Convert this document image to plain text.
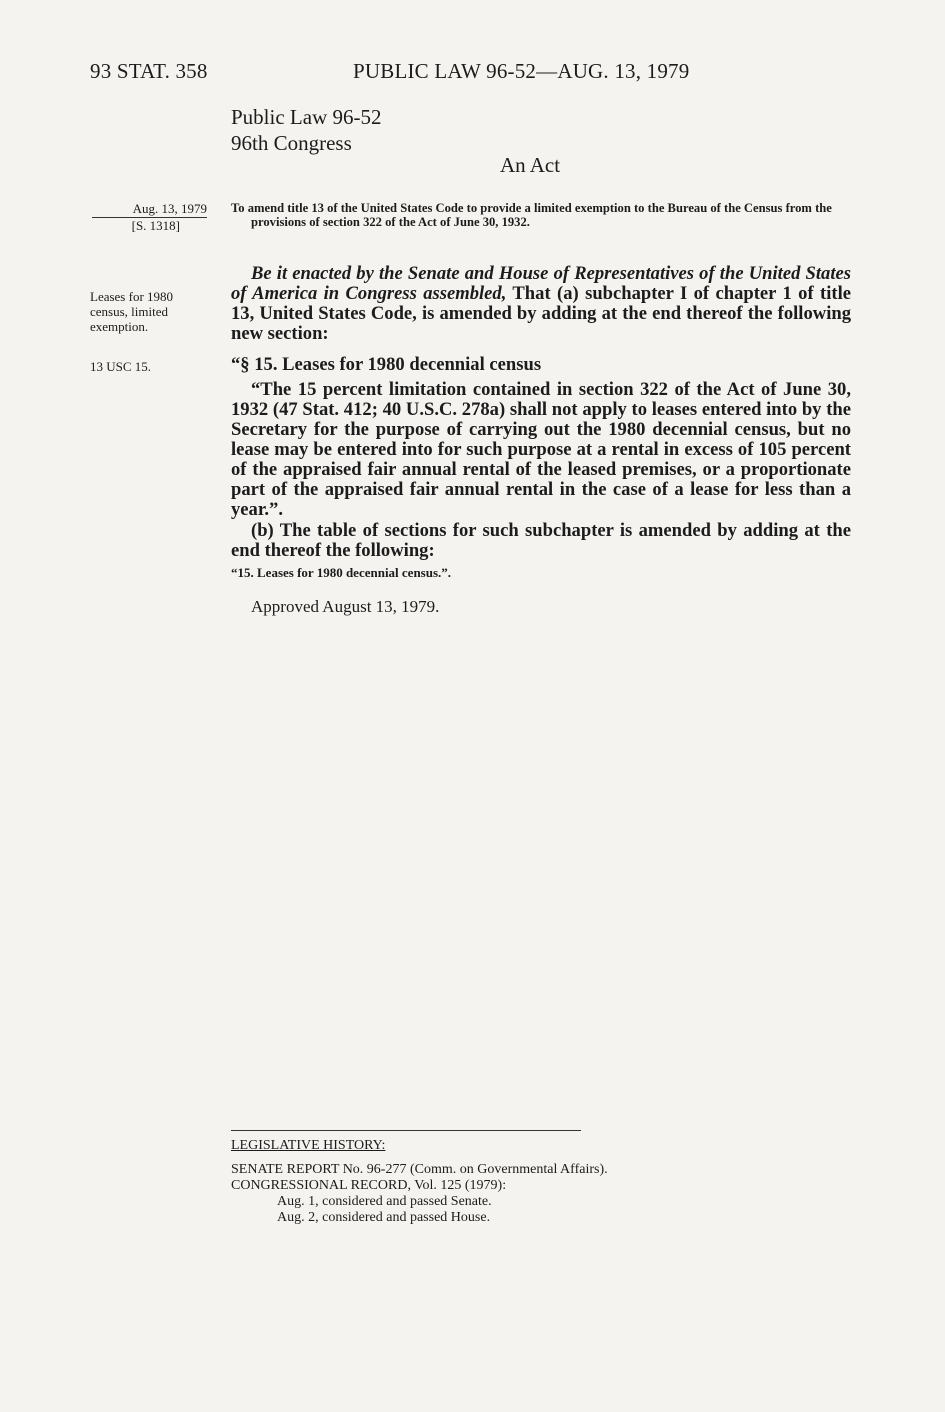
93 STAT. 358	PUBLIC LAW 96-52—AUG. 13, 1979
Public Law 96-52
96th Congress
An Act
Aug. 13, 1979
[S. 1318]
Leases for 1980
census, limited
exemption.
13 USC 15.
To amend title 13 of the United States Code to provide a limited exemption to the Bureau of the Census from the provisions of section 322 of the Act of June 30, 1932.
Be it enacted by the Senate and House of Representatives of the United States of America in Congress assembled, That (a) subchapter I of chapter 1 of title 13, United States Code, is amended by adding at the end thereof the following new section:
“§ 15. Leases for 1980 decennial census
“The 15 percent limitation contained in section 322 of the Act of June 30, 1932 (47 Stat. 412; 40 U.S.C. 278a) shall not apply to leases entered into by the Secretary for the purpose of carrying out the 1980 decennial census, but no lease may be entered into for such purpose at a rental in excess of 105 percent of the appraised fair annual rental of the leased premises, or a proportionate part of the appraised fair annual rental in the case of a lease for less than a year.”.
(b) The table of sections for such subchapter is amended by adding at the end thereof the following:
“15. Leases for 1980 decennial census.”.
Approved August 13, 1979.
LEGISLATIVE HISTORY:
SENATE REPORT No. 96-277 (Comm. on Governmental Affairs).
CONGRESSIONAL RECORD, Vol. 125 (1979):
Aug. 1, considered and passed Senate.
Aug. 2, considered and passed House.
